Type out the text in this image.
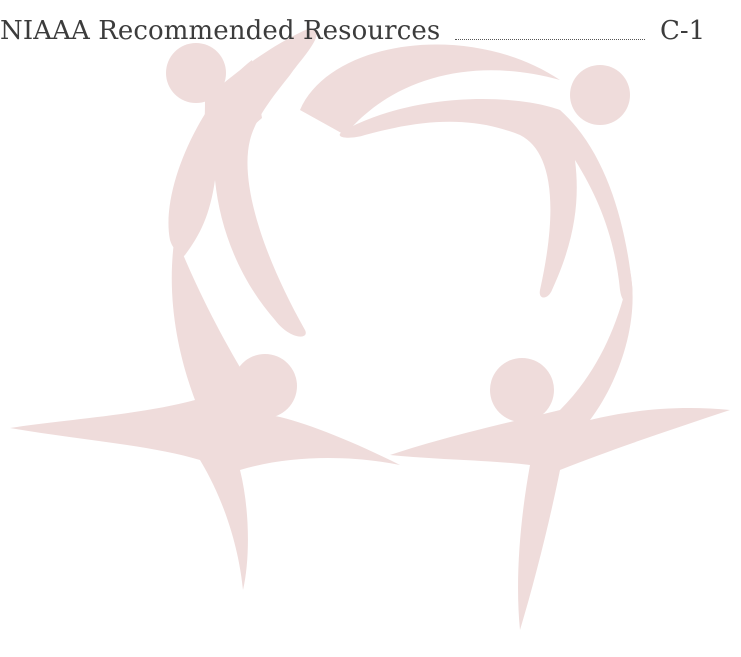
NIAAA Recommended Resources	C-1
